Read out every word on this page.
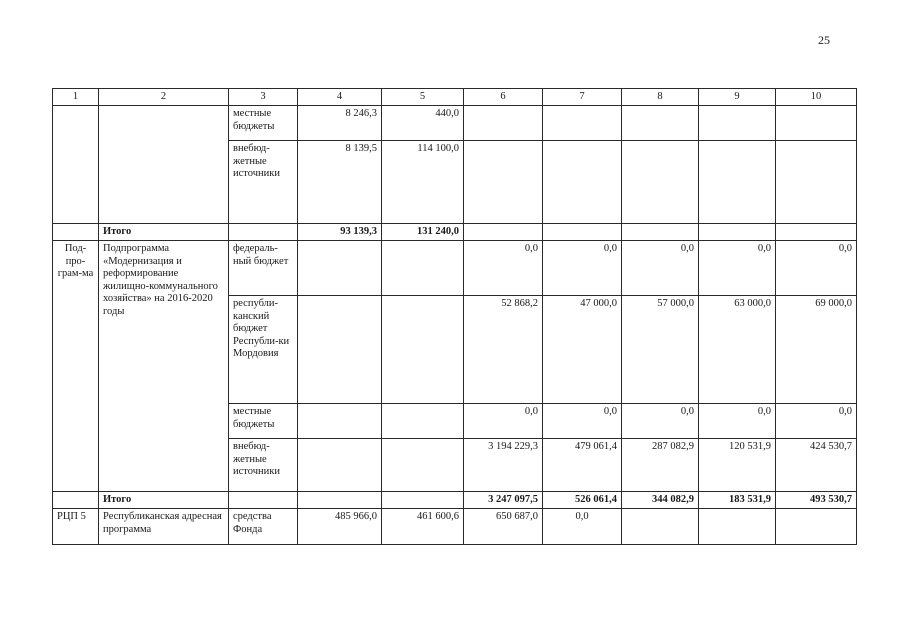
25
1	2	3	4	5	6	7	8	9	10
		местные бюджеты	8 246,3	440,0					
		внебюд-жетные источники	8 139,5	114 100,0					
	Итого		93 139,3	131 240,0					
Под-про-грам-ма	Подпрограмма «Модернизация и реформирование жилищно-коммунального хозяйства» на 2016-2020 годы	федераль-ный бюджет			0,0	0,0	0,0	0,0	0,0
		республи-канский бюджет Республи-ки Мордовия			52 868,2	47 000,0	57 000,0	63 000,0	69 000,0
		местные бюджеты			0,0	0,0	0,0	0,0	0,0
		внебюд-жетные источники			3 194 229,3	479 061,4	287 082,9	120 531,9	424 530,7
	Итого				3 247 097,5	526 061,4	344 082,9	183 531,9	493 530,7
РЦП 5	Республиканская адресная программа	средства Фонда	485 966,0	461 600,6	650 687,0	0,0			
